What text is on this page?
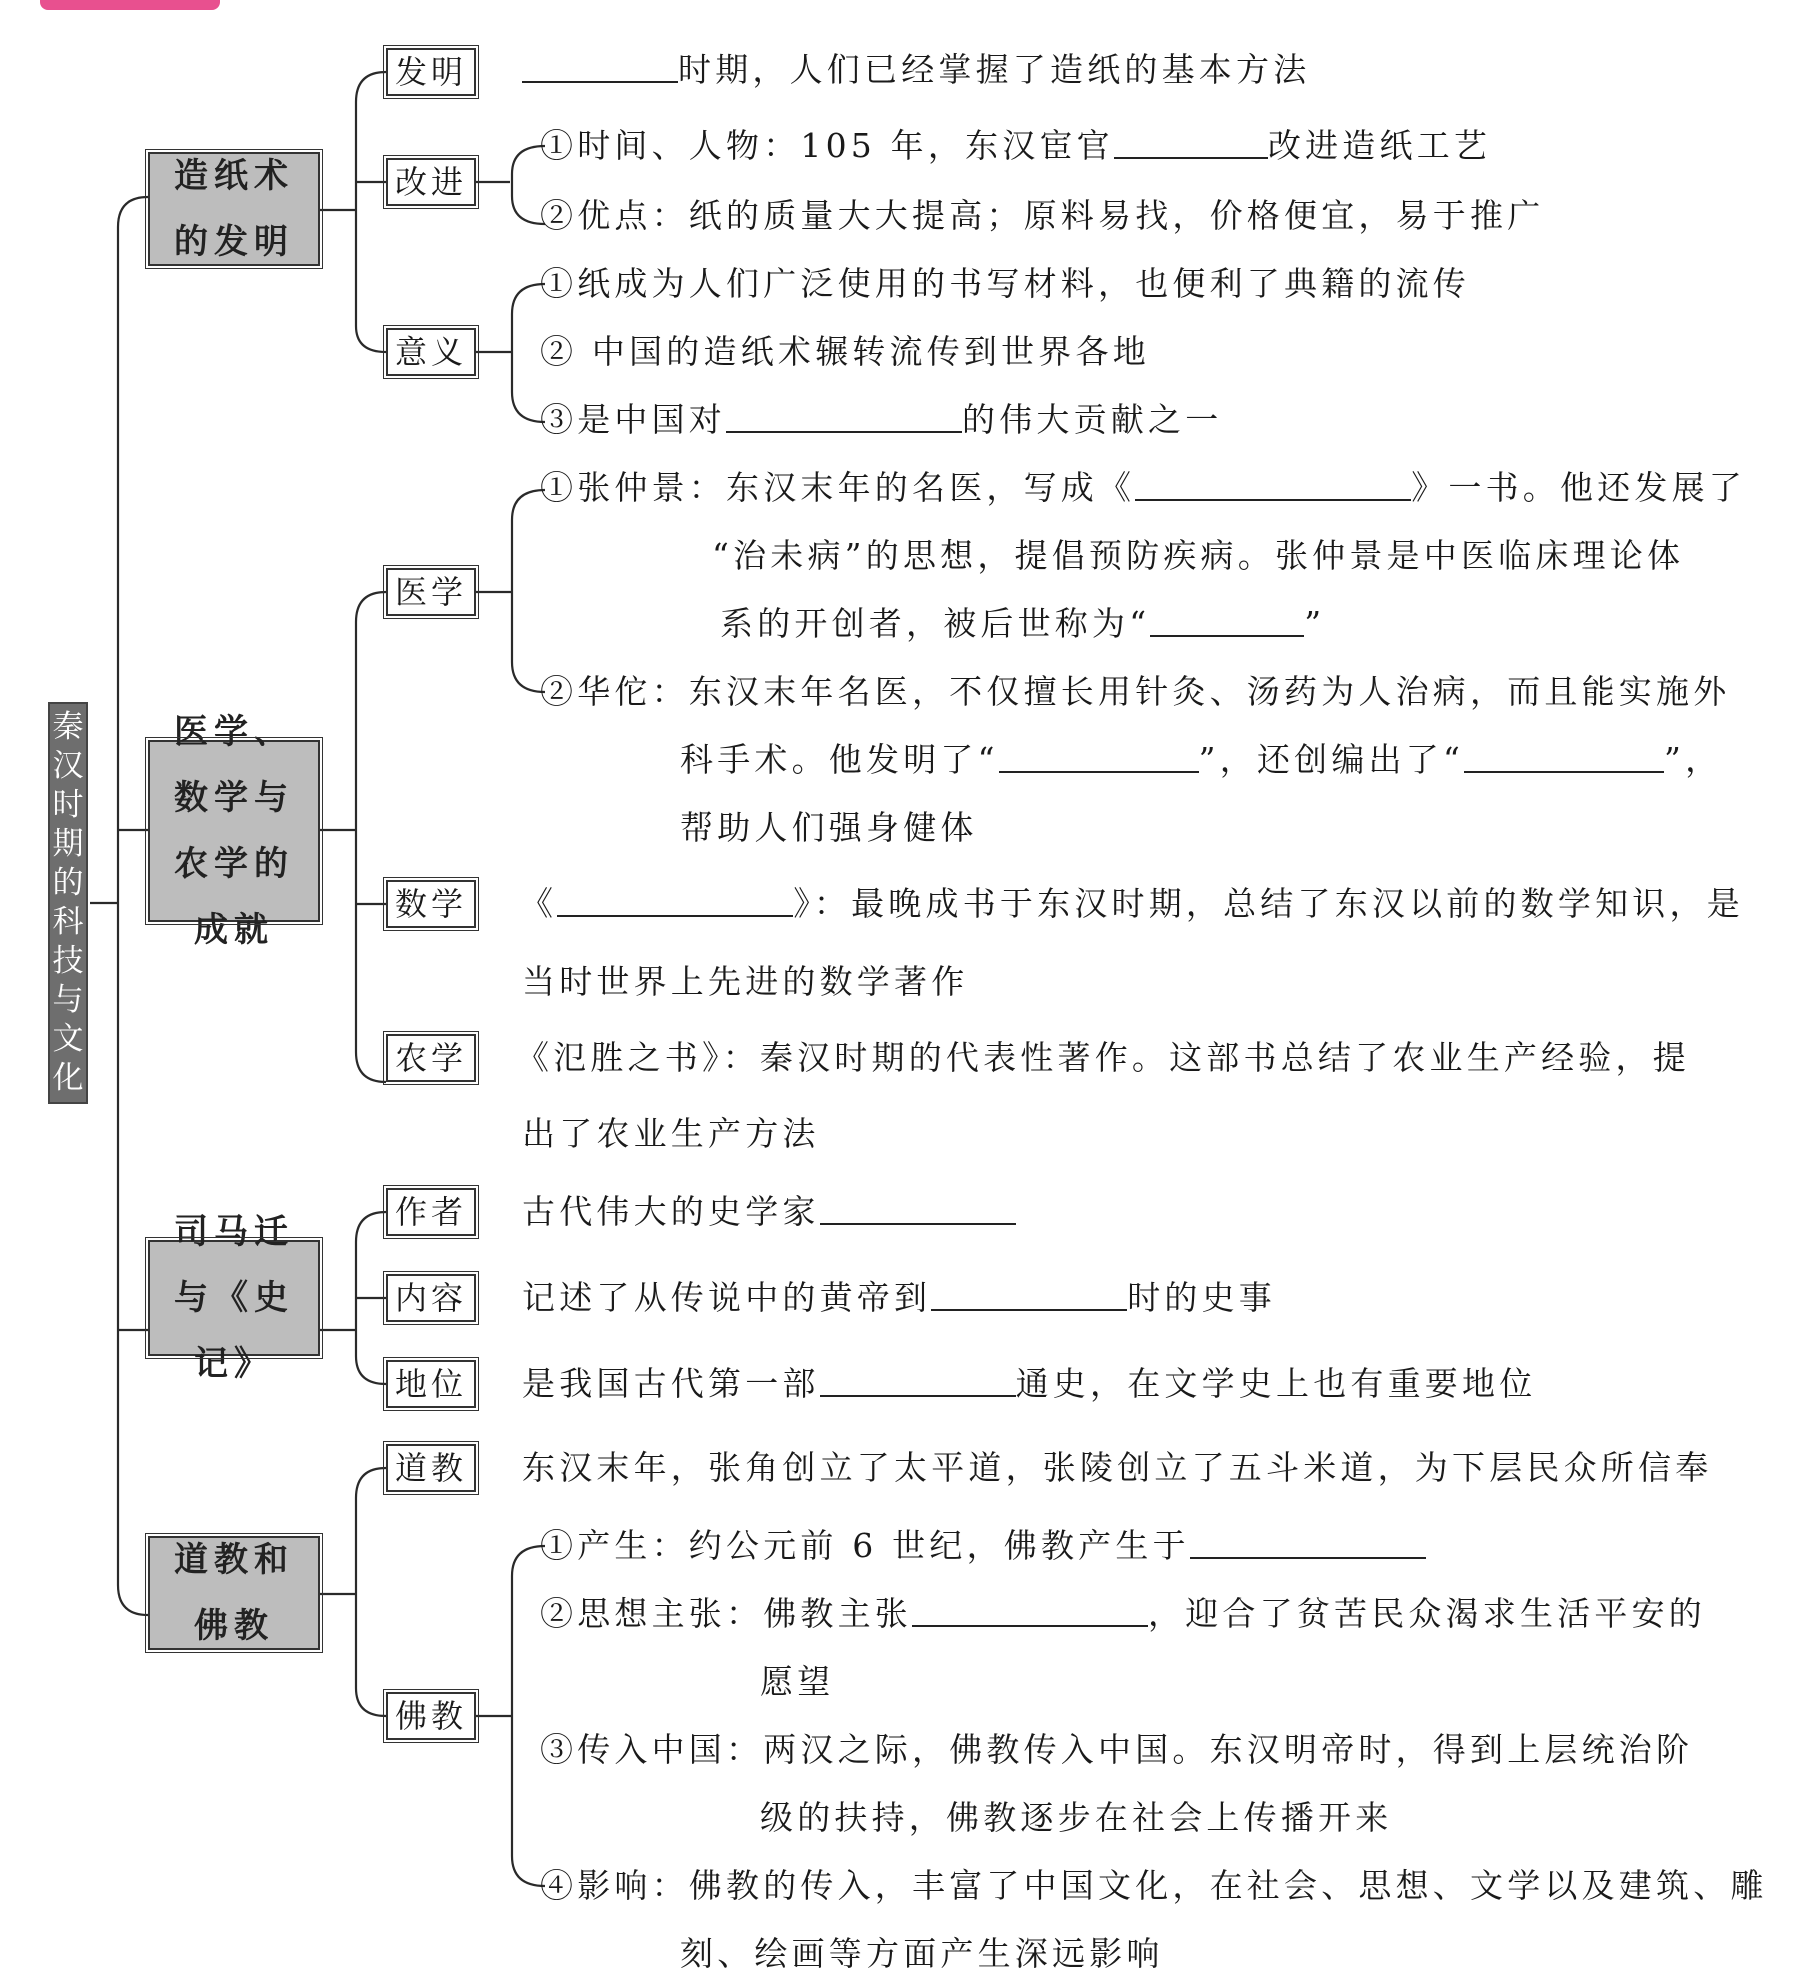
秦汉时期的科技与文化
造纸术的发明
医学、数学与农学的成就
司马迁与《史记》
道教和佛教
发明
改进
意义
医学
数学
农学
作者
内容
地位
道教
佛教
时期，人们已经掌握了造纸的基本方法
①时间、人物：105 年，东汉宦官	改进造纸工艺
②优点：纸的质量大大提高；原料易找，价格便宜，易于推广
①纸成为人们广泛使用的书写材料，也便利了典籍的流传
② 中国的造纸术辗转流传到世界各地
③是中国对	的伟大贡献之一
①张仲景：东汉末年的名医，写成《	》一书。他还发展了
“治未病”的思想，提倡预防疾病。张仲景是中医临床理论体
系的开创者，被后世称为“	”
②华佗：东汉末年名医，不仅擅长用针灸、汤药为人治病，而且能实施外
科手术。他发明了“	”，还创编出了“	”，
帮助人们强身健体
《	》：最晚成书于东汉时期，总结了东汉以前的数学知识，是
当时世界上先进的数学著作
《氾胜之书》：秦汉时期的代表性著作。这部书总结了农业生产经验，提
出了农业生产方法
古代伟大的史学家
记述了从传说中的黄帝到	时的史事
是我国古代第一部	通史，在文学史上也有重要地位
东汉末年，张角创立了太平道，张陵创立了五斗米道，为下层民众所信奉
①产生：约公元前 6 世纪，佛教产生于
②思想主张：佛教主张	，迎合了贫苦民众渴求生活平安的
愿望
③传入中国：两汉之际，佛教传入中国。东汉明帝时，得到上层统治阶
级的扶持，佛教逐步在社会上传播开来
④影响：佛教的传入，丰富了中国文化，在社会、思想、文学以及建筑、雕
刻、绘画等方面产生深远影响
